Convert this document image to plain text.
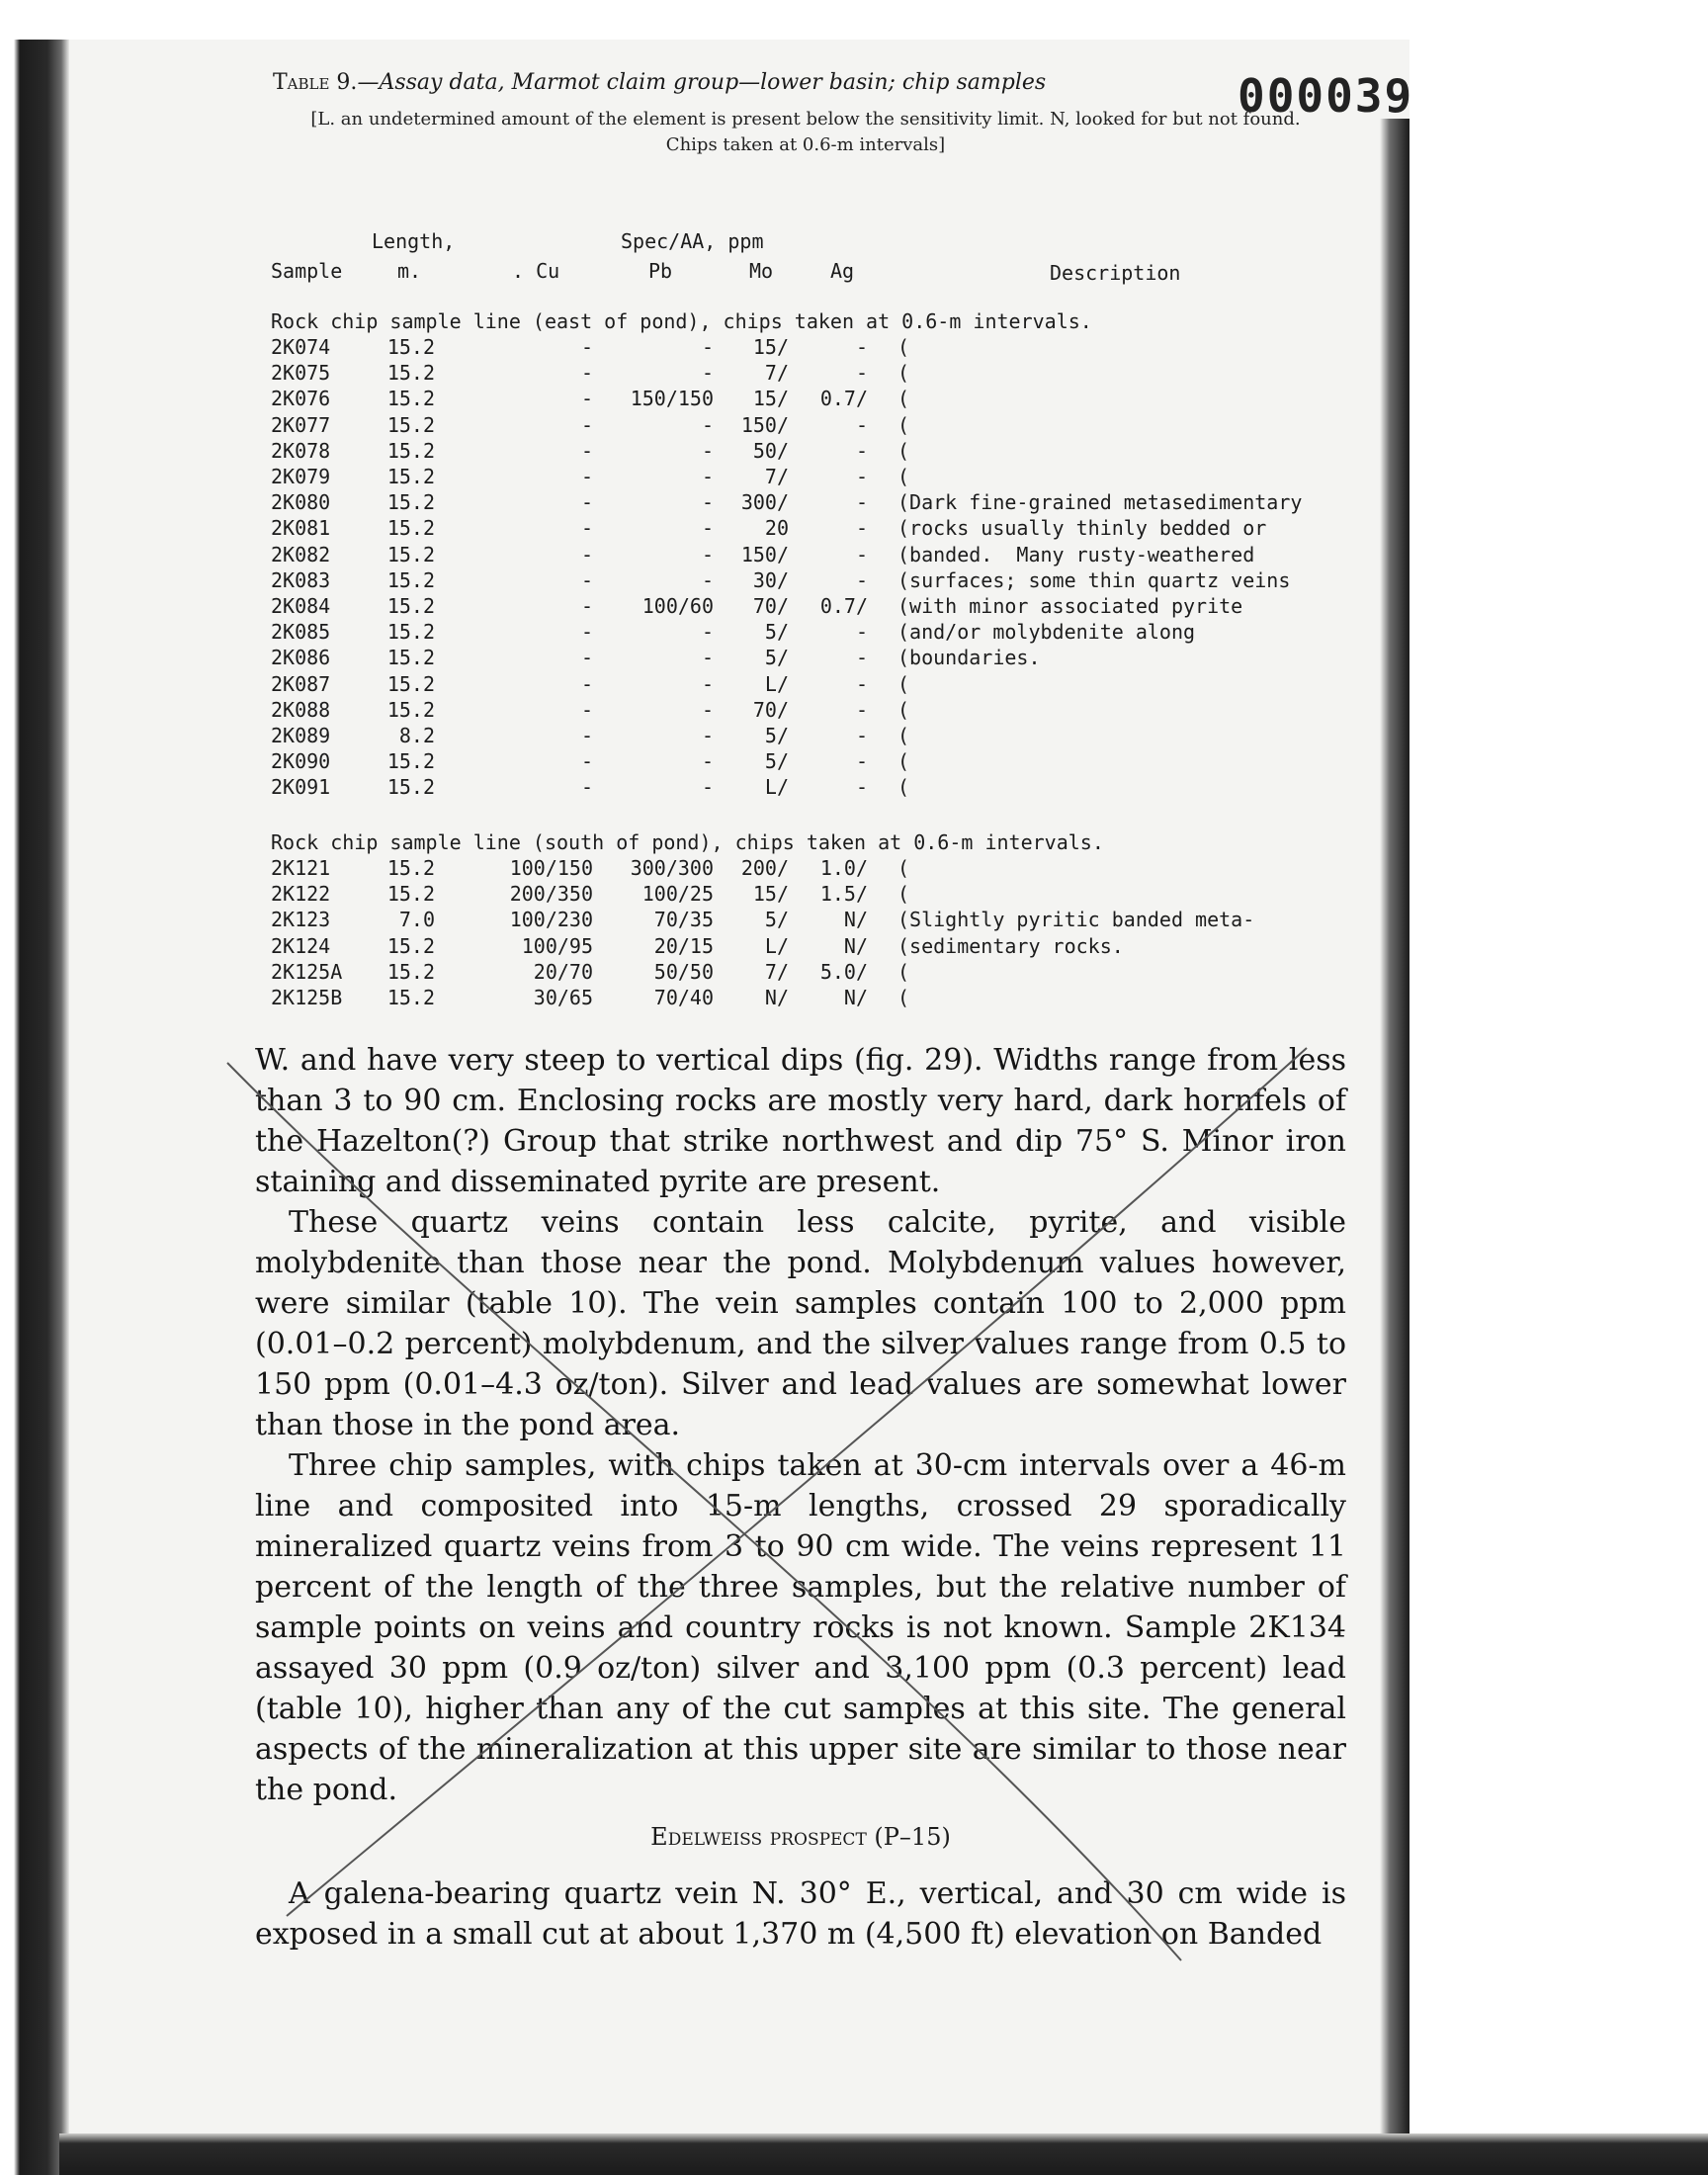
000039
Table 9.—Assay data, Marmot claim group—lower basin; chip samples
[L. an undetermined amount of the element is present below the sensitivity limit. N, looked for but not found.
Chips taken at 0.6-m intervals]
Length,	Spec/AA, ppm
Sample	m.	. Cu	Pb	Mo	Ag	Description
Rock chip sample line (east of pond), chips taken at 0.6-m intervals.
2K074	15.2	-	-	15/	- (
2K075	15.2	-	-	7/	- (
2K076	15.2	-	150/150	15/	0.7/ (
2K077	15.2	-	-	150/	- (
2K078	15.2	-	-	50/	- (
2K079	15.2	-	-	7/	- (
2K080	15.2	-	-	300/	- (Dark fine-grained metasedimentary
2K081	15.2	-	-	20	- (rocks usually thinly bedded or
2K082	15.2	-	-	150/	- (banded.  Many rusty-weathered
2K083	15.2	-	-	30/	- (surfaces; some thin quartz veins
2K084	15.2	-	100/60	70/	0.7/ (with minor associated pyrite
2K085	15.2	-	-	5/	- (and/or molybdenite along
2K086	15.2	-	-	5/	- (boundaries.
2K087	15.2	-	-	L/	- (
2K088	15.2	-	-	70/	- (
2K089	8.2	-	-	5/	- (
2K090	15.2	-	-	5/	- (
2K091	15.2	-	-	L/	- (
Rock chip sample line (south of pond), chips taken at 0.6-m intervals.
2K121	15.2	100/150	300/300	200/	1.0/ (
2K122	15.2	200/350	100/25	15/	1.5/ (
2K123	7.0	100/230	70/35	5/	N/ (Slightly pyritic banded meta-
2K124	15.2	100/95	20/15	L/	N/ (sedimentary rocks.
2K125A	15.2	20/70	50/50	7/	5.0/ (
2K125B	15.2	30/65	70/40	N/	N/ (

W. and have very steep to vertical dips (fig. 29). Widths range from less than 3 to 90 cm. Enclosing rocks are mostly very hard, dark hornfels of the Hazelton(?) Group that strike northwest and dip 75° S. Minor iron staining and disseminated pyrite are present.

These quartz veins contain less calcite, pyrite, and visible molybdenite than those near the pond. Molybdenum values however, were similar (table 10). The vein samples contain 100 to 2,000 ppm (0.01–0.2 percent) molybdenum, and the silver values range from 0.5 to 150 ppm (0.01–4.3 oz/ton). Silver and lead values are somewhat lower than those in the pond area.

Three chip samples, with chips taken at 30-cm intervals over a 46-m line and composited into 15-m lengths, crossed 29 sporadically mineralized quartz veins from 3 to 90 cm wide. The veins represent 11 percent of the length of the three samples, but the relative number of sample points on veins and country rocks is not known. Sample 2K134 assayed 30 ppm (0.9 oz/ton) silver and 3,100 ppm (0.3 percent) lead (table 10), higher than any of the cut samples at this site. The general aspects of the mineralization at this upper site are similar to those near the pond.

Edelweiss prospect (P–15)

A galena-bearing quartz vein N. 30° E., vertical, and 30 cm wide is exposed in a small cut at about 1,370 m (4,500 ft) elevation on Banded
